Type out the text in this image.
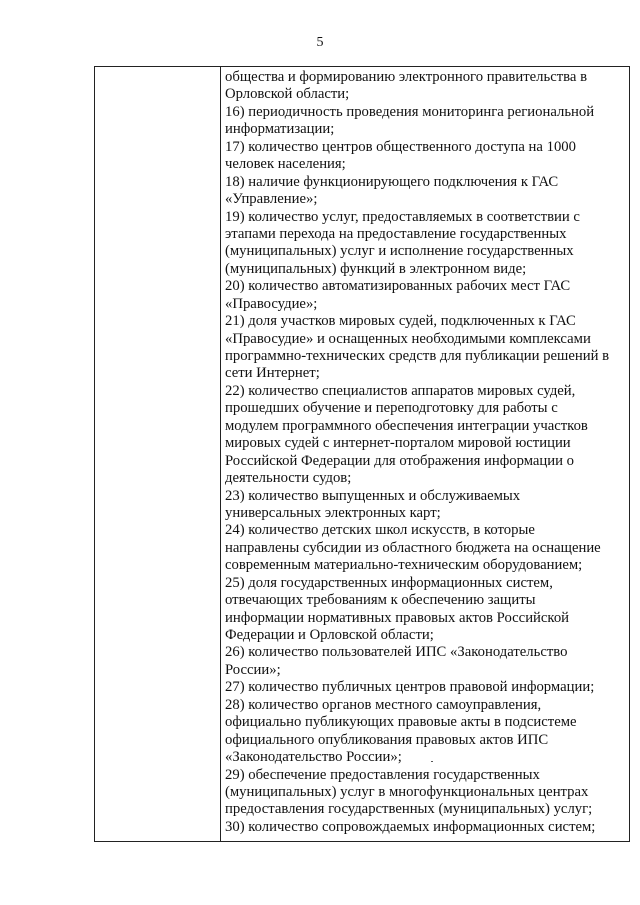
5

общества и формированию электронного правительства в
Орловской области;
16) периодичность проведения мониторинга региональной
информатизации;
17) количество центров общественного доступа на 1000
человек населения;
18) наличие функционирующего подключения к ГАС
«Управление»;
19) количество услуг, предоставляемых в соответствии с
этапами перехода на предоставление государственных
(муниципальных) услуг и исполнение государственных
(муниципальных) функций в электронном виде;
20) количество автоматизированных рабочих мест ГАС
«Правосудие»;
21) доля участков мировых судей, подключенных к ГАС
«Правосудие» и оснащенных необходимыми комплексами
программно-технических средств для публикации решений в
сети Интернет;
22) количество специалистов аппаратов мировых судей,
прошедших обучение и переподготовку для работы с
модулем программного обеспечения интеграции участков
мировых судей с интернет-порталом мировой юстиции
Российской Федерации для отображения информации о
деятельности судов;
23) количество выпущенных и обслуживаемых
универсальных электронных карт;
24) количество детских школ искусств, в которые
направлены субсидии из областного бюджета на оснащение
современным материально-техническим оборудованием;
25) доля государственных информационных систем,
отвечающих требованиям к обеспечению защиты
информации нормативных правовых актов Российской
Федерации и Орловской области;
26) количество пользователей ИПС «Законодательство
России»;
27) количество публичных центров правовой информации;
28) количество органов местного самоуправления,
официально публикующих правовые акты в подсистеме
официального опубликования правовых актов ИПС
«Законодательство России»;
29) обеспечение предоставления государственных
(муниципальных) услуг в многофункциональных центрах
предоставления государственных (муниципальных) услуг;
30) количество сопровождаемых информационных систем;
